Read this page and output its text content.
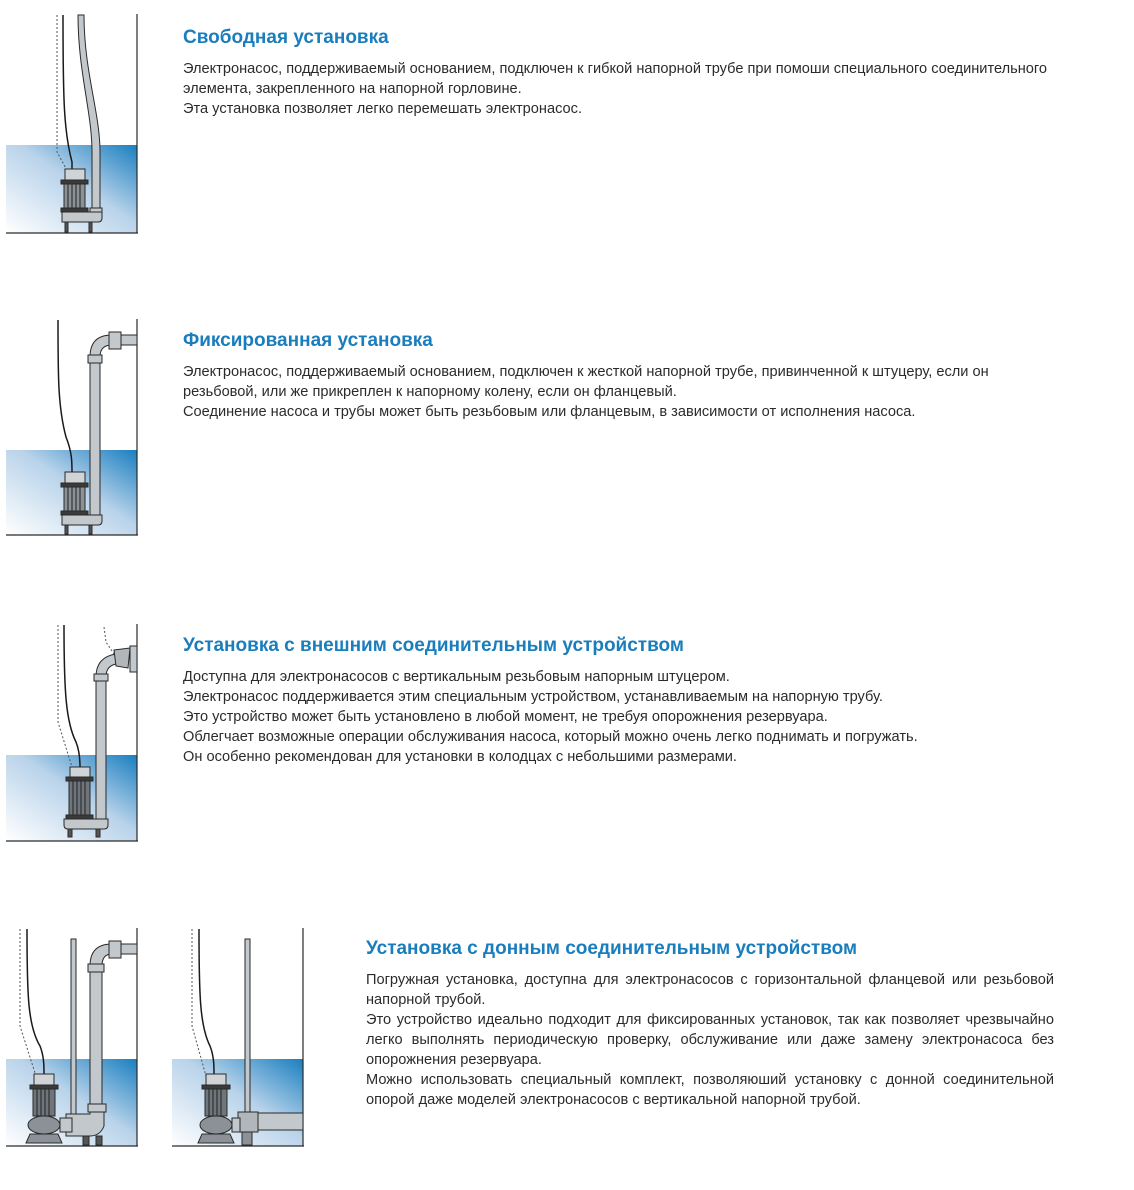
Свободная установка

Электронасос, поддерживаемый основанием, подключен к гибкой напорной трубе при помоши специального соединительного элемента, закрепленного на напорной горловине.
Эта установка позволяет легко перемешать электронасос.

Фиксированная установка

Электронасос, поддерживаемый основанием, подключен к жесткой напорной трубе, привинченной к штуцеру, если он резьбовой, или же прикреплен к напорному колену, если он фланцевый.
Соединение насоса и трубы может быть резьбовым или фланцевым, в зависимости от исполнения насоса.

Установка с внешним соединительным устройством

Доступна для электронасосов с вертикальным резьбовым напорным штуцером.
Электронасос поддерживается этим специальным устройством, устанавливаемым на напорную трубу.
Это устройство может быть установлено в любой момент, не требуя опорожнения резервуара.
Облегчает возможные операции обслуживания насоса, который можно очень легко поднимать и погружать.
Он особенно рекомендован для установки в колодцах с небольшими размерами.

Установка с донным соединительным устройством

Погружная установка, доступна для электронасосов с горизонтальной фланцевой или резьбовой напорной трубой.
Это устройство идеально подходит для фиксированных установок, так как позволяет чрезвычайно легко выполнять периодическую проверку, обслуживание или даже замену электронасоса без опорожнения резервуара.
Можно использовать специальный комплект, позволяюший установку с донной соединительной опорой даже моделей электронасосов с вертикальной напорной трубой.
